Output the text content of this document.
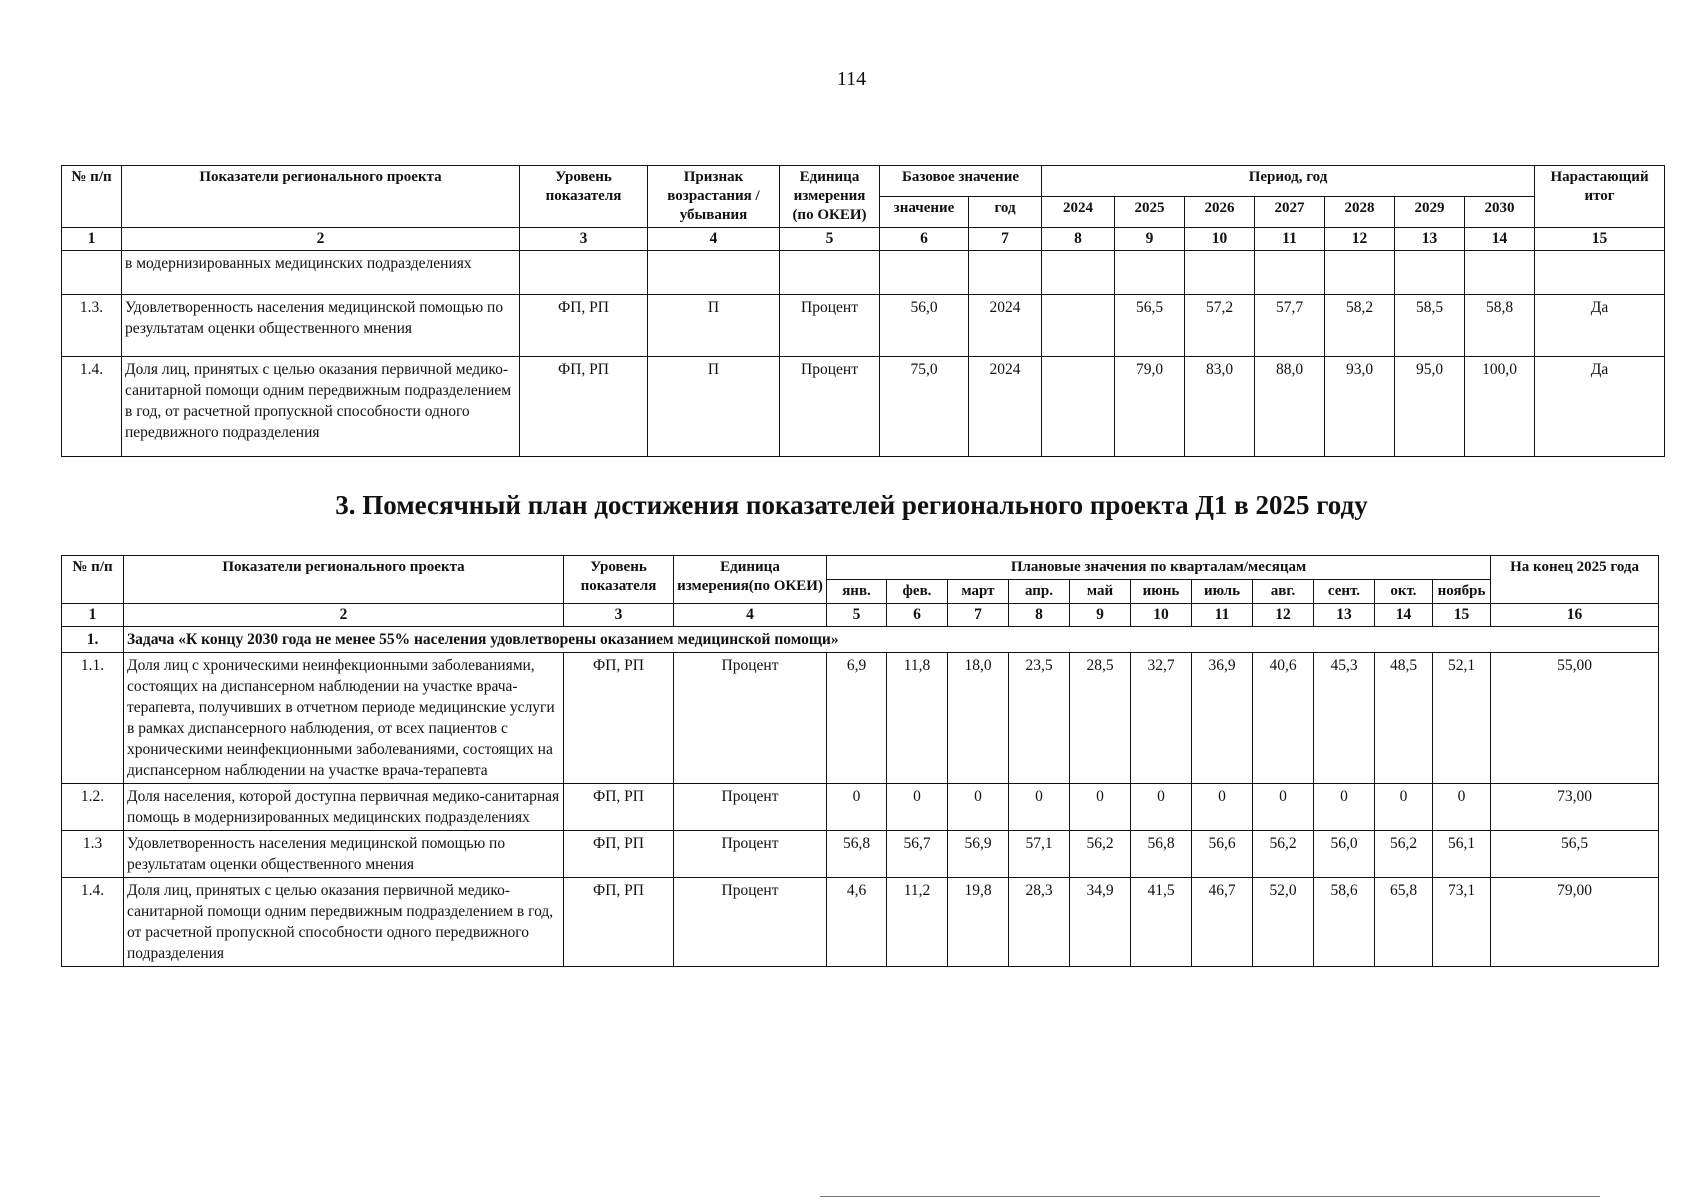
114
№ п/п	Показатели регионального проекта	Уровень показателя	Признак возрастания / убывания	Единица измерения (по ОКЕИ)	Базовое значение		Период, год							Нарастающий итог
					значение	год	2024	2025	2026	2027	2028	2029	2030	
1	2	3	4	5	6	7	8	9	10	11	12	13	14	15
	в модернизированных медицинских подразделениях													
1.3.	Удовлетворенность населения медицинской помощью по результатам оценки общественного мнения	ФП, РП	П	Процент	56,0	2024		56,5	57,2	57,7	58,2	58,5	58,8	Да
1.4.	Доля лиц, принятых с целью оказания первичной медико-санитарной помощи одним передвижным подразделением в год, от расчетной пропускной способности одного передвижного подразделения	ФП, РП	П	Процент	75,0	2024		79,0	83,0	88,0	93,0	95,0	100,0	Да
3. Помесячный план достижения показателей регионального проекта Д1 в 2025 году
№ п/п	Показатели регионального проекта	Уровень показателя	Единица измерения(по ОКЕИ)	Плановые значения по кварталам/месяцам											На конец 2025 года
				янв.	фев.	март	апр.	май	июнь	июль	авг.	сент.	окт.	ноябрь	
1	2	3	4	5	6	7	8	9	10	11	12	13	14	15	16
1.	Задача «К концу 2030 года не менее 55% населения удовлетворены оказанием медицинской помощи»														
1.1.	Доля лиц с хроническими неинфекционными заболеваниями, состоящих на диспансерном наблюдении на участке врача-терапевта, получивших в отчетном периоде медицинские услуги в рамках диспансерного наблюдения, от всех пациентов с хроническими неинфекционными заболеваниями, состоящих на диспансерном наблюдении на участке врача-терапевта	ФП, РП	Процент	6,9	11,8	18,0	23,5	28,5	32,7	36,9	40,6	45,3	48,5	52,1	55,00
1.2.	Доля населения, которой доступна первичная медико-санитарная помощь в модернизированных медицинских подразделениях	ФП, РП	Процент	0	0	0	0	0	0	0	0	0	0	0	73,00
1.3	Удовлетворенность населения медицинской помощью по результатам оценки общественного мнения	ФП, РП	Процент	56,8	56,7	56,9	57,1	56,2	56,8	56,6	56,2	56,0	56,2	56,1	56,5
1.4.	Доля лиц, принятых с целью оказания первичной медико-санитарной помощи одним передвижным подразделением в год, от расчетной пропускной способности одного передвижного подразделения	ФП, РП	Процент	4,6	11,2	19,8	28,3	34,9	41,5	46,7	52,0	58,6	65,8	73,1	79,00
